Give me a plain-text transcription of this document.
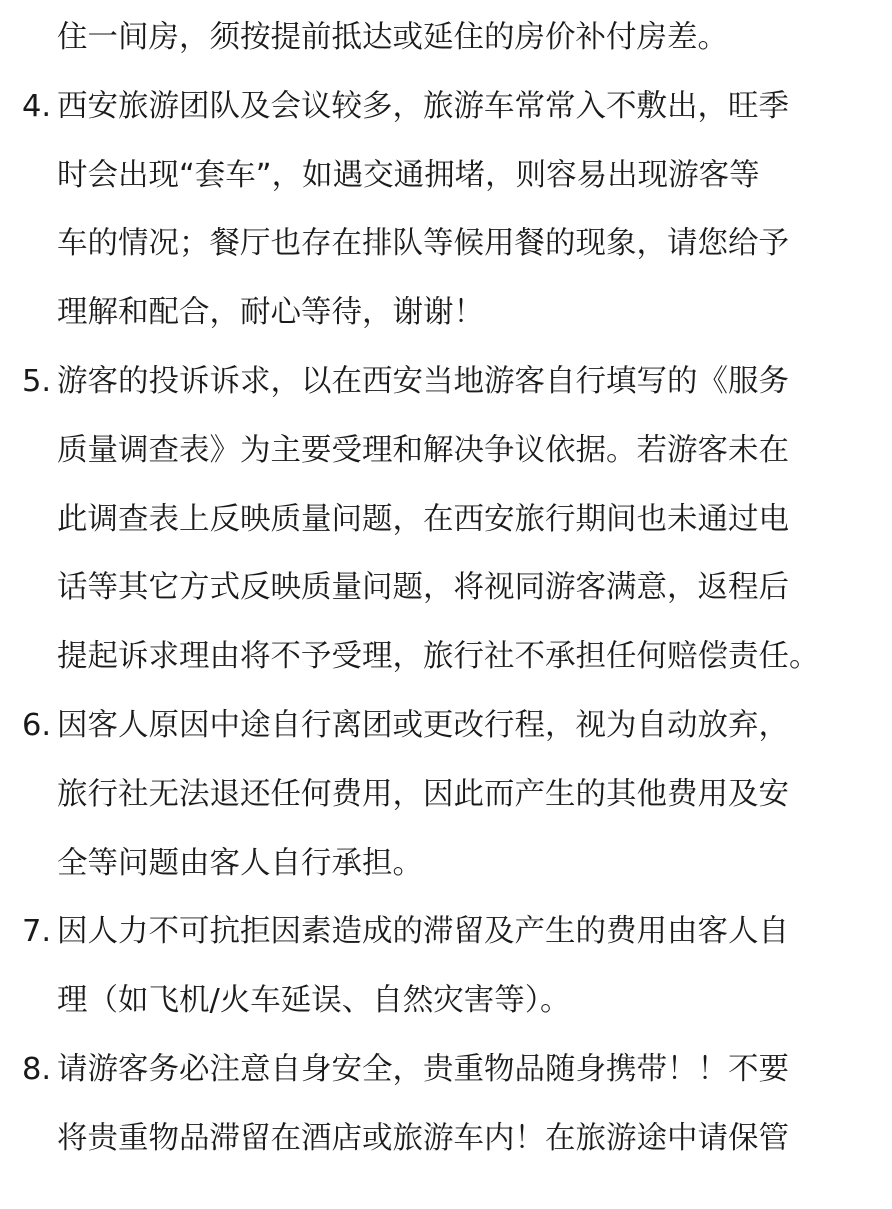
住一间房，须按提前抵达或延住的房价补付房差。
4. 西安旅游团队及会议较多，旅游车常常入不敷出，旺季
时会出现“套车”，如遇交通拥堵，则容易出现游客等
车的情况；餐厅也存在排队等候用餐的现象，请您给予
理解和配合，耐心等待，谢谢！
5. 游客的投诉诉求，以在西安当地游客自行填写的《服务
质量调查表》为主要受理和解决争议依据。若游客未在
此调查表上反映质量问题，在西安旅行期间也未通过电
话等其它方式反映质量问题，将视同游客满意，返程后
提起诉求理由将不予受理，旅行社不承担任何赔偿责任。
6. 因客人原因中途自行离团或更改行程，视为自动放弃，
旅行社无法退还任何费用，因此而产生的其他费用及安
全等问题由客人自行承担。
7. 因人力不可抗拒因素造成的滞留及产生的费用由客人自
理（如飞机/火车延误、自然灾害等）。
8. 请游客务必注意自身安全，贵重物品随身携带！！不要
将贵重物品滞留在酒店或旅游车内！在旅游途中请保管
